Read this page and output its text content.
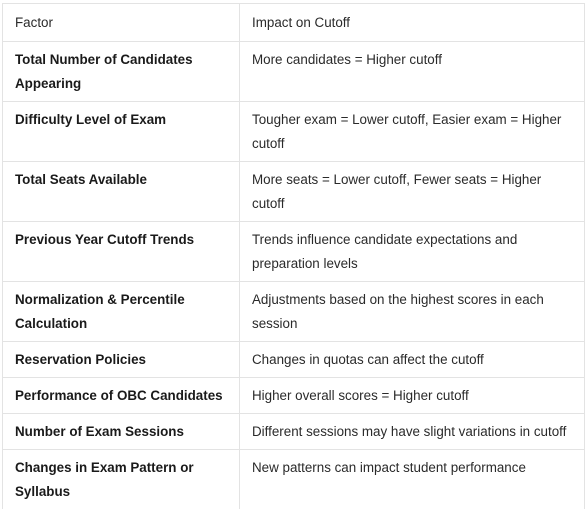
Factor	Impact on Cutoff
Total Number of Candidates Appearing	More candidates = Higher cutoff
Difficulty Level of Exam	Tougher exam = Lower cutoff, Easier exam = Higher cutoff
Total Seats Available	More seats = Lower cutoff, Fewer seats = Higher cutoff
Previous Year Cutoff Trends	Trends influence candidate expectations and preparation levels
Normalization & Percentile Calculation	Adjustments based on the highest scores in each session
Reservation Policies	Changes in quotas can affect the cutoff
Performance of OBC Candidates	Higher overall scores = Higher cutoff
Number of Exam Sessions	Different sessions may have slight variations in cutoff
Changes in Exam Pattern or Syllabus	New patterns can impact student performance
